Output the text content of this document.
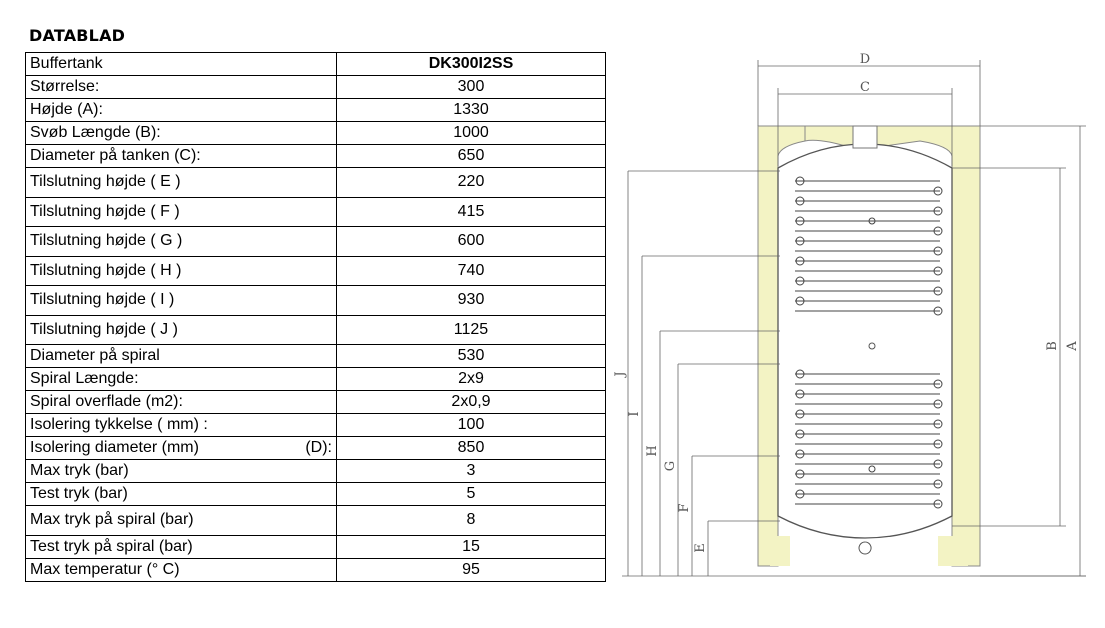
DATABLAD
Buffertank	DK300I2SS
Størrelse:	300
Højde (A):	1330
Svøb Længde (B):	1000
Diameter på tanken (C):	650
Tilslutning højde ( E )	220
Tilslutning højde ( F )	415
Tilslutning højde ( G )	600
Tilslutning højde ( H )	740
Tilslutning højde ( I )	930
Tilslutning højde ( J )	1125
Diameter på spiral	530
Spiral Længde:	2x9
Spiral overflade (m2):	2x0,9
Isolering tykkelse ( mm) :	100
Isolering diameter (mm) (D):	850
Max tryk (bar)	3
Test tryk (bar)	5
Max tryk på spiral (bar)	8
Test tryk på spiral (bar)	15
Max temperatur (° C)	95
D
C
A
B
J
I
H
G
F
E
